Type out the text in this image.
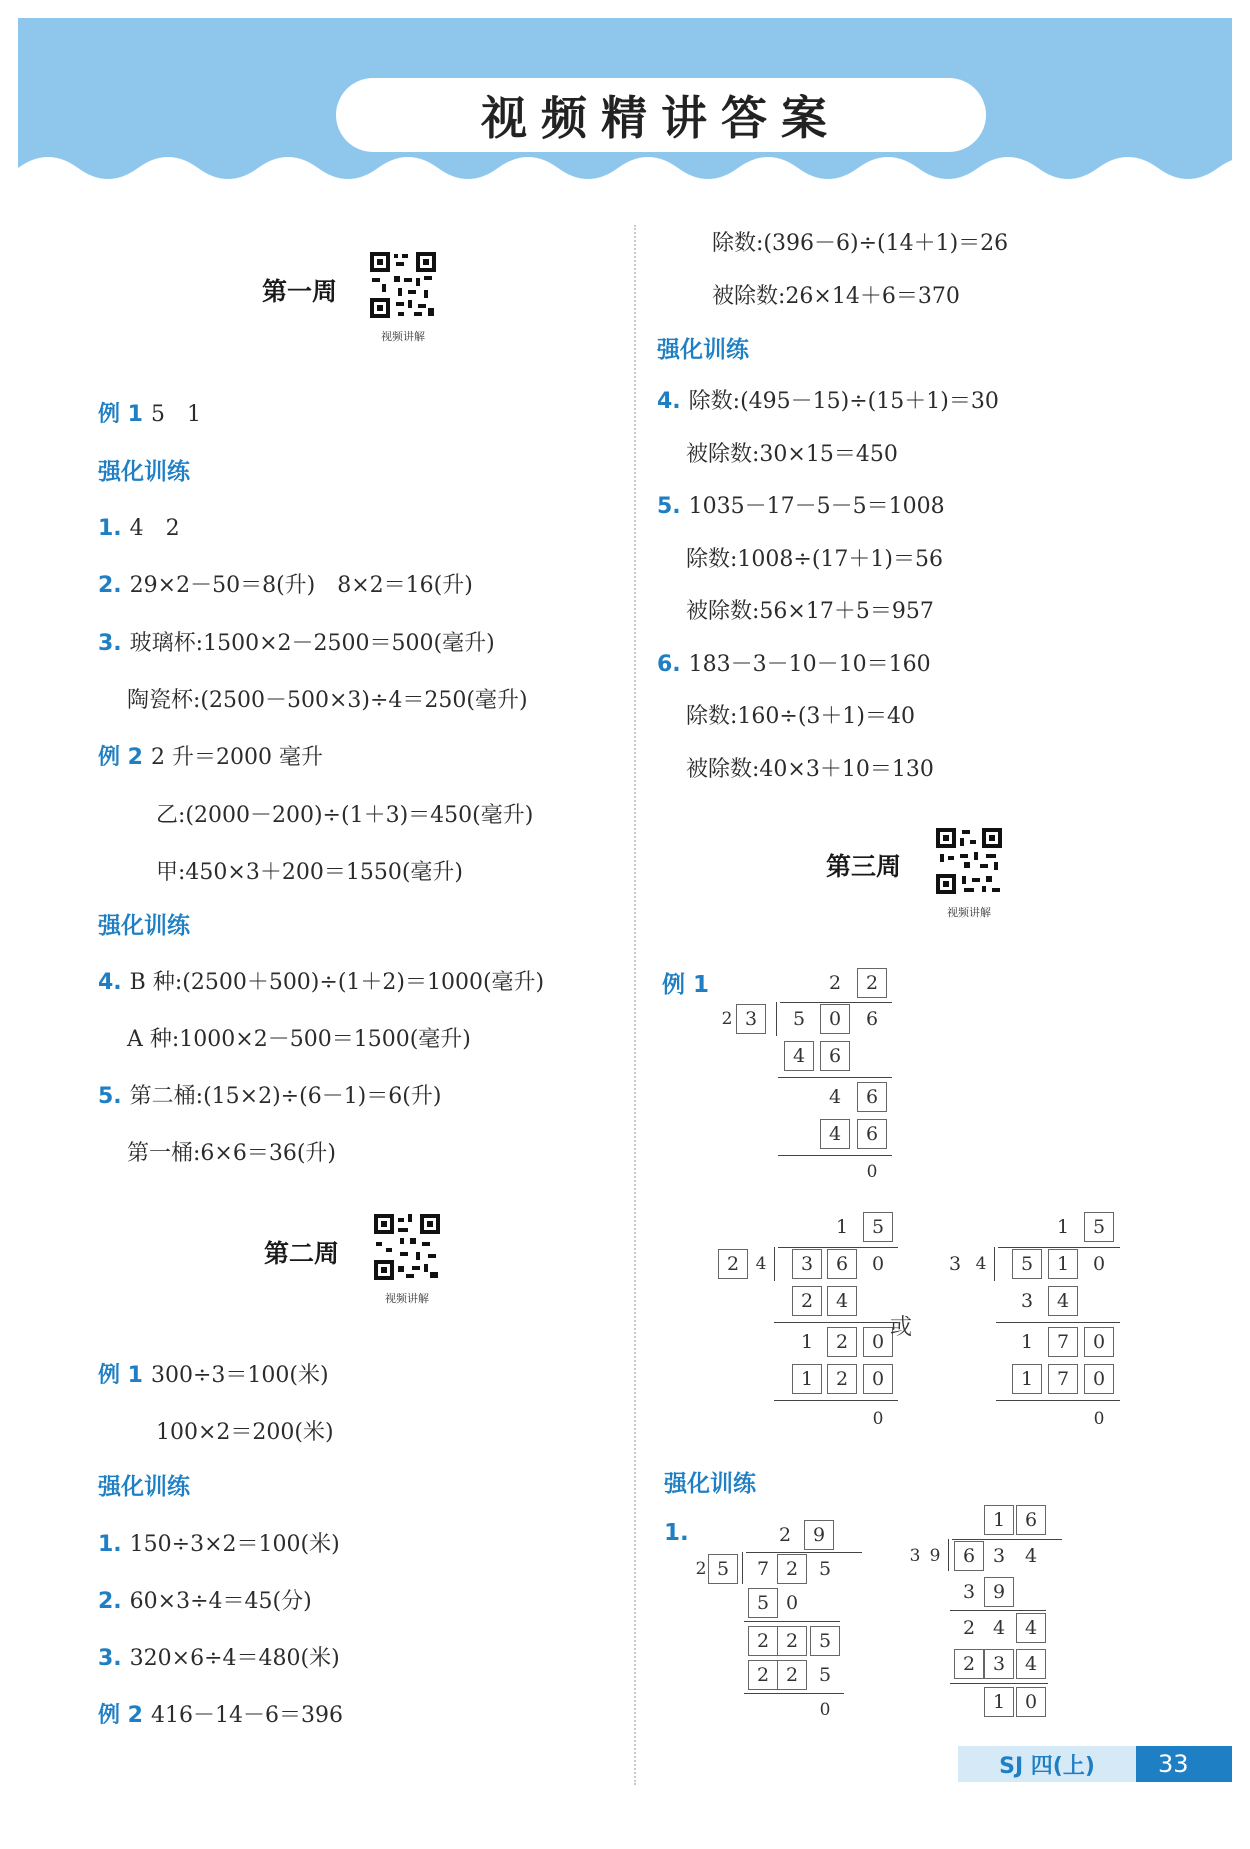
视频精讲答案
第一周
视频讲解
例 1 5　1
强化训练
1. 4　2
2. 29×2－50＝8(升)　8×2＝16(升)
3. 玻璃杯:1500×2－2500＝500(毫升)
陶瓷杯:(2500－500×3)÷4＝250(毫升)
例 2 2 升＝2000 毫升
乙:(2000－200)÷(1＋3)＝450(毫升)
甲:450×3＋200＝1550(毫升)
强化训练
4. B 种:(2500＋500)÷(1＋2)＝1000(毫升)
A 种:1000×2－500＝1500(毫升)
5. 第二桶:(15×2)÷(6－1)＝6(升)
第一桶:6×6＝36(升)
第二周
视频讲解
例 1 300÷3＝100(米)
100×2＝200(米)
强化训练
1. 150÷3×2＝100(米)
2. 60×3÷4＝45(分)
3. 320×6÷4＝480(米)
例 2 416－14－6＝396
除数:(396－6)÷(14＋1)＝26
被除数:26×14＋6＝370
强化训练
4. 除数:(495－15)÷(15＋1)＝30
被除数:30×15＝450
5. 1035－17－5－5＝1008
除数:1008÷(17＋1)＝56
被除数:56×17＋5＝957
6. 183－3－10－10＝160
除数:160÷(3＋1)＝40
被除数:40×3＋10＝130
第三周
视频讲解
例 1	2	2
2 3	5	0	6
4	6
4	6
4	6
0
1	5
2 4	3	6	0
2	4
1	2	0
1	2	0
0
或
1	5
3 4	5	1	0
3	4
1	7	0
1	7	0
0
强化训练
1.	2	9
2 5	7 2	5
5 0
2 2	5
2 2	5
0
1	6
3 9	6 3	4
3 9
2 4	4
2 3	4
1	0
SJ 四(上)	33
